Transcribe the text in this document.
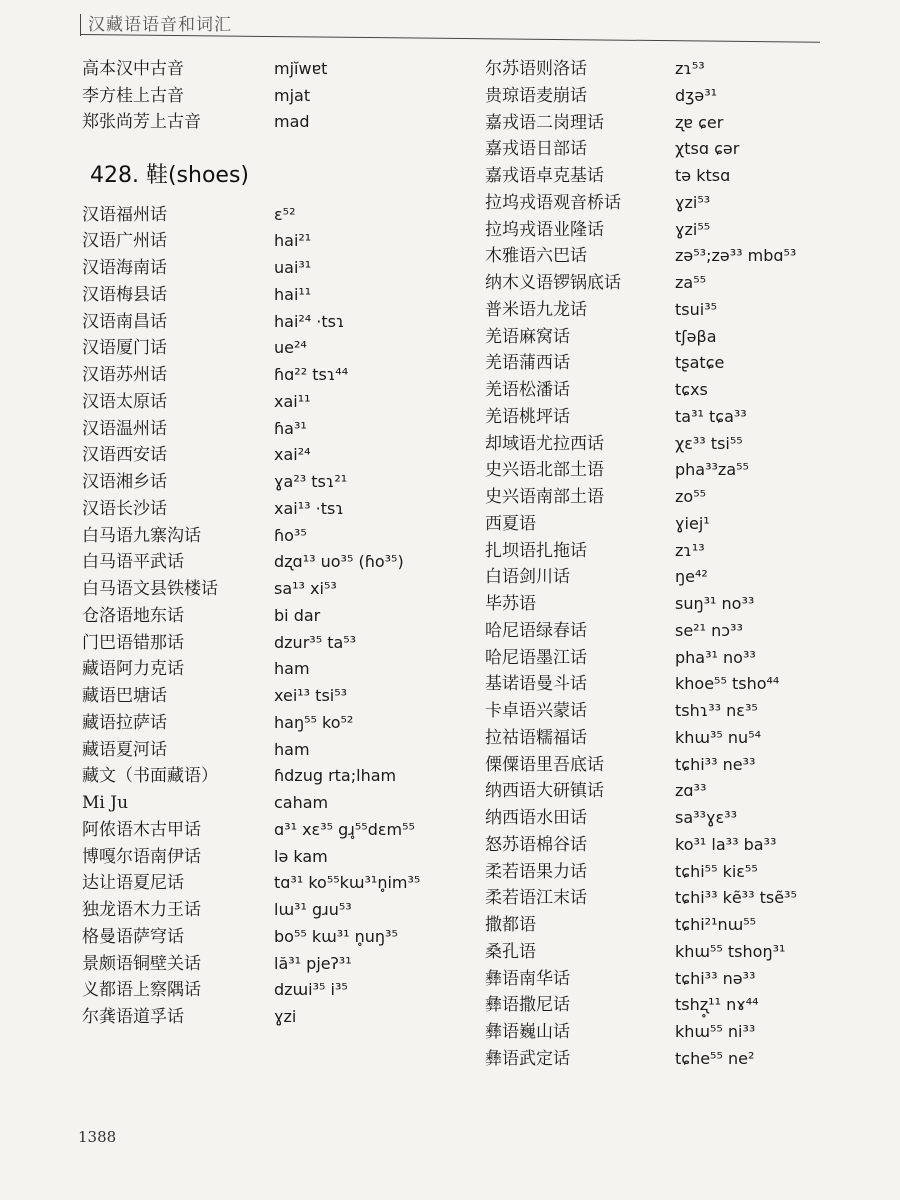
汉藏语语音和词汇
高本汉中古音	mjĭwɐt
李方桂上古音	mjat
郑张尚芳上古音	mad
428. 鞋(shoes)
汉语福州话	ɛ⁵²
汉语广州话	hai²¹
汉语海南话	uai³¹
汉语梅县话	hai¹¹
汉语南昌话	hai²⁴ ·tsɿ
汉语厦门话	ue²⁴
汉语苏州话	ɦɑ²² tsɿ⁴⁴
汉语太原话	xai¹¹
汉语温州话	ɦa³¹
汉语西安话	xai²⁴
汉语湘乡话	ɣa²³ tsɿ²¹
汉语长沙话	xai¹³ ·tsɿ
白马语九寨沟话	ɦo³⁵
白马语平武话	dʐɑ¹³ uo³⁵ (ɦo³⁵)
白马语文县铁楼话	sa¹³ xi⁵³
仓洛语地东话	bi dar
门巴语错那话	dzur³⁵ ta⁵³
藏语阿力克话	ham
藏语巴塘话	xei¹³ tsi⁵³
藏语拉萨话	haŋ⁵⁵ ko⁵²
藏语夏河话	ham
藏文（书面藏语）	ɦdzug rta;lham
Mi Ju	caham
阿侬语木古甲话	ɑ³¹ xɛ³⁵ gɹ̥⁵⁵dɛm⁵⁵
博嘎尔语南伊话	lə kam
达让语夏尼话	tɑ³¹ ko⁵⁵kɯ³¹n̥im³⁵
独龙语木力王话	lɯ³¹ gɹu⁵³
格曼语萨穹话	bo⁵⁵ kɯ³¹ n̥uŋ³⁵
景颇语铜壁关话	lă³¹ pjeʔ³¹
义都语上察隅话	dzɯi³⁵ i³⁵
尔龚语道孚话	ɣzi
尔苏语则洛话	zɿ⁵³
贵琼语麦崩话	dʒə³¹
嘉戎语二岗理话	ʐɐ ɕer
嘉戎语日部话	χtsɑ ɕər
嘉戎语卓克基话	tə ktsɑ
拉坞戎语观音桥话	ɣzi⁵³
拉坞戎语业隆话	ɣzi⁵⁵
木雅语六巴话	zə⁵³;zə³³ mbɑ⁵³
纳木义语锣锅底话	za⁵⁵
普米语九龙话	tsui³⁵
羌语麻窝话	tʃəβa
羌语蒲西话	tʂatɕe
羌语松潘话	tɕxs
羌语桃坪话	ta³¹ tɕa³³
却域语尤拉西话	χɛ³³ tsi⁵⁵
史兴语北部土语	pha³³za⁵⁵
史兴语南部土语	zo⁵⁵
西夏语	ɣiej¹
扎坝语扎拖话	zɿ¹³
白语剑川话	ŋe⁴²
毕苏语	suŋ³¹ no³³
哈尼语绿春话	se²¹ nɔ³³
哈尼语墨江话	pha³¹ no³³
基诺语曼斗话	khoe⁵⁵ tsho⁴⁴
卡卓语兴蒙话	tshɿ³³ nɛ³⁵
拉祜语糯福话	khɯ³⁵ nu⁵⁴
傈僳语里吾底话	tɕhi³³ ne³³
纳西语大研镇话	zɑ³³
纳西语水田话	sa³³ɣɛ³³
怒苏语棉谷话	ko³¹ la³³ ba³³
柔若语果力话	tɕhi⁵⁵ kiɛ⁵⁵
柔若语江末话	tɕhi³³ kẽ³³ tsẽ³⁵
撒都语	tɕhi²¹nɯ⁵⁵
桑孔语	khɯ⁵⁵ tshoŋ³¹
彝语南华话	tɕhi³³ nə³³
彝语撒尼话	tshʐ̥¹¹ nɤ⁴⁴
彝语巍山话	khɯ⁵⁵ ni³³
彝语武定话	tɕhe⁵⁵ ne²
1388
